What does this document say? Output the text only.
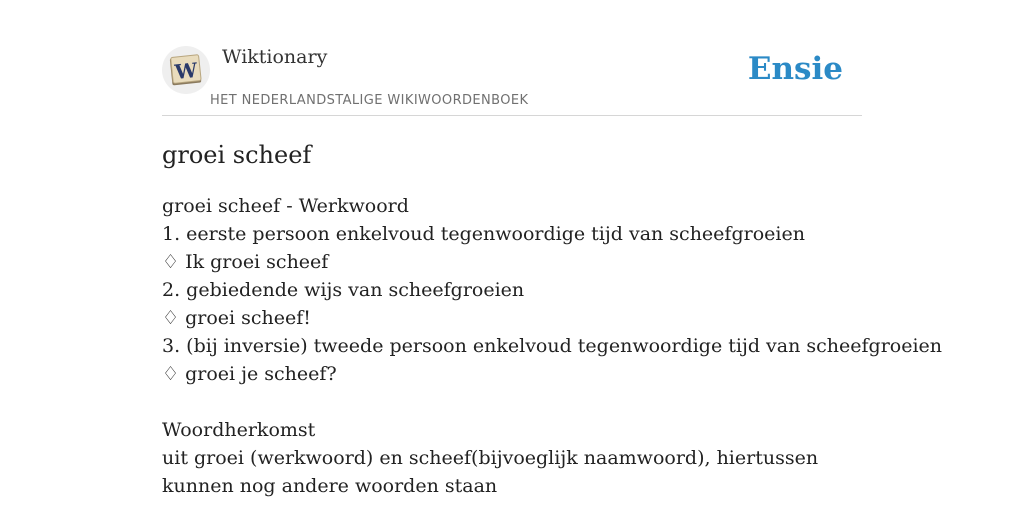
W
Wiktionary
HET NEDERLANDSTALIGE WIKIWOORDENBOEK
Ensie
groei scheef
groei scheef - Werkwoord
1. eerste persoon enkelvoud tegenwoordige tijd van scheefgroeien
♢ Ik groei scheef
2. gebiedende wijs van scheefgroeien
♢ groei scheef!
3. (bij inversie) tweede persoon enkelvoud tegenwoordige tijd van scheefgroeien
♢ groei je scheef?
Woordherkomst
uit groei (werkwoord) en scheef(bijvoeglijk naamwoord), hiertussen kunnen nog andere woorden staan
